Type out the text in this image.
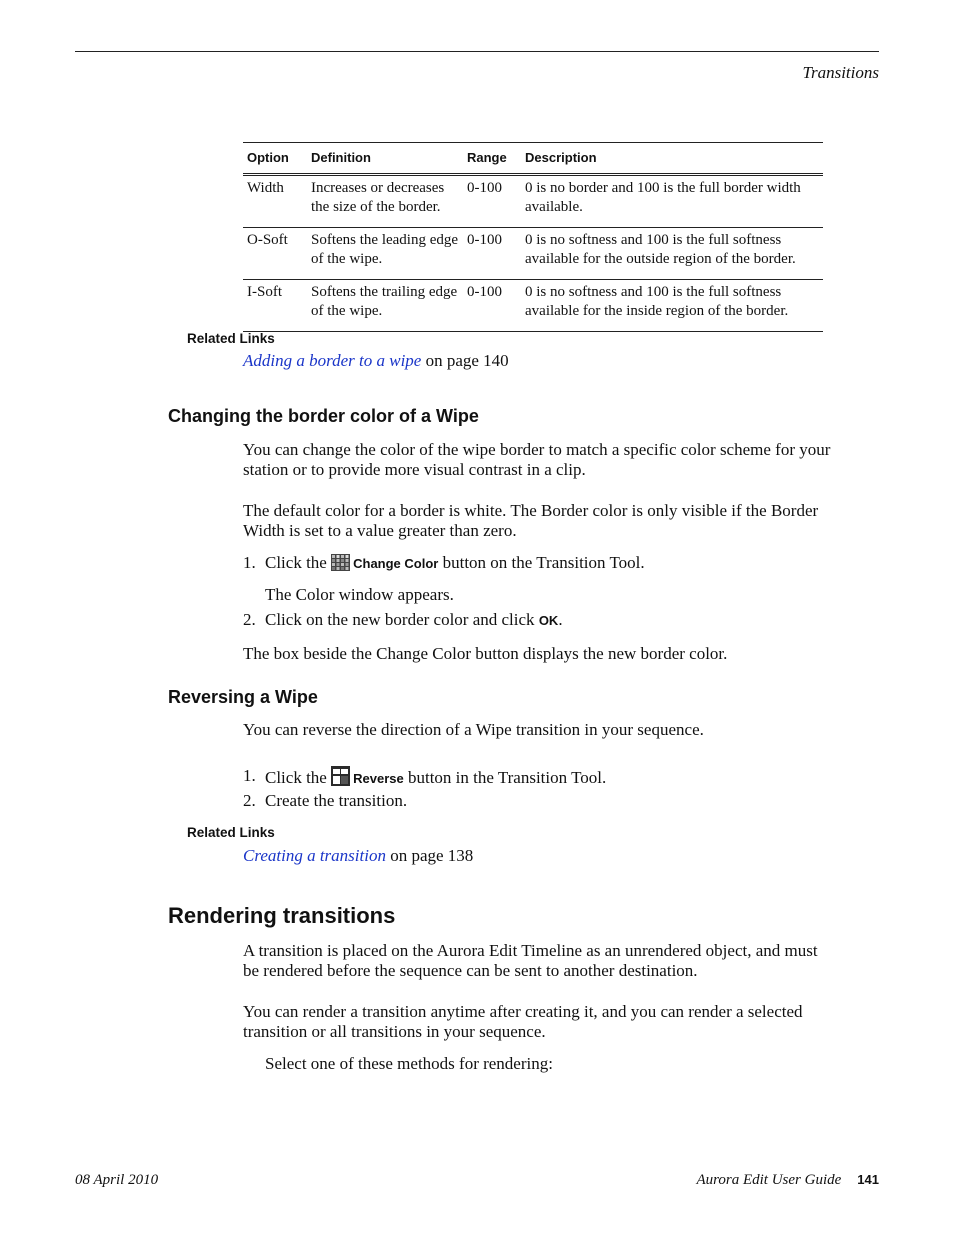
Transitions
Option	Definition	Range	Description
Width	Increases or decreases the size of the border.	0-100	0 is no border and 100 is the full border width available.
O-Soft	Softens the leading edge of the wipe.	0-100	0 is no softness and 100 is the full softness available for the outside region of the border.
I-Soft	Softens the trailing edge of the wipe.	0-100	0 is no softness and 100 is the full softness available for the inside region of the border.
Related Links
Adding a border to a wipe on page 140
Changing the border color of a Wipe
You can change the color of the wipe border to match a specific color scheme for your station or to provide more visual contrast in a clip.
The default color for a border is white. The Border color is only visible if the Border Width is set to a value greater than zero.
1. Click the Change Color button on the Transition Tool.
The Color window appears.
2. Click on the new border color and click OK.
The box beside the Change Color button displays the new border color.
Reversing a Wipe
You can reverse the direction of a Wipe transition in your sequence.
1. Click the Reverse button in the Transition Tool.
2. Create the transition.
Related Links
Creating a transition on page 138
Rendering transitions
A transition is placed on the Aurora Edit Timeline as an unrendered object, and must be rendered before the sequence can be sent to another destination.
You can render a transition anytime after creating it, and you can render a selected transition or all transitions in your sequence.
Select one of these methods for rendering:
08 April 2010	Aurora Edit User Guide 141
